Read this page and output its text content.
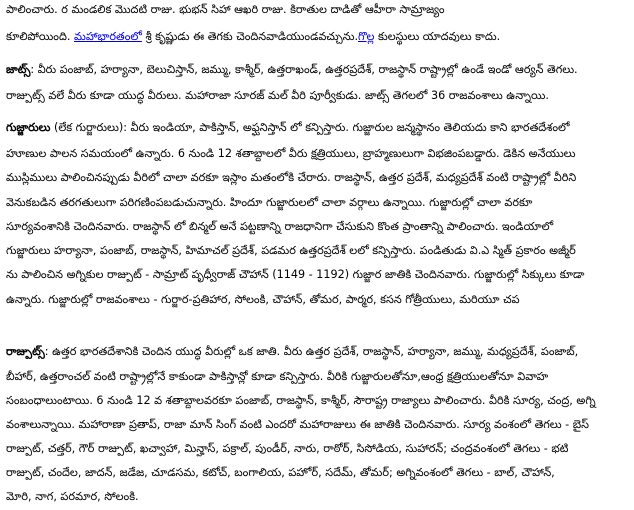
పాలించారు. ర మండలిక మొదటి రాజు. భుభన్ సిహా ఆఖరి రాజు. కిరాతుల దాడితో ఆహీరా సామ్రాజ్యం
కూలిపోయింది. మహాభారతంలో శ్రీ కృష్ణుడు ఈ తెగకు చెందినవాడియుండవచ్చును.గొల్ల కులస్థులు యాదవులు కాదు.
జాట్స్: వీరు పంజాబ్, హర్యానా, బెలుచిస్తాన్, జమ్ము, కాశ్మీర్, ఉత్తరాఖండ్, ఉత్తరప్రదేశ్, రాజస్థాన్ రాష్ట్రాల్లో ఉండే ఇండో ఆర్యన్ తెగలు.
రాజ్పుట్స్ వలే వీరు కూడా యుద్ధ వీరులు. మహారాజా సూరజ్ మల్ వీరి పూర్వీకుడు. జాట్స్ తెగలలో 36 రాజవంశాలు ఉన్నాయి.
గుజ్జారులు (లేక గుర్జారులు): వీరు ఇండియా, పాకిస్తాన్, అఫ్ఘనిస్తాన్ లో కన్పిస్తారు. గుజ్జారుల జన్మస్థానం తెలియదు కాని భారతదేశంలో
హూణుల పాలన సమయంలో ఉన్నారు. 6 నుండి 12 శతాబ్దాలలో వీరు క్షత్రియులు, బ్రాహ్మణులుగా విభజింపబడ్డారు. డెకిన అనేయులు
ముస్లిములు పాలించినప్పుడు వీరిలో చాలా వరకూ ఇస్లాం మతంలోకి చేరారు. రాజస్థాన్, ఉత్తర ప్రదేశ్, మధ్యప్రదేశ్ వంటి రాష్ట్రాల్లో వీరిని
వెనుకబడిన తరగతులుగా పరిగణింపబడుచున్నారు. హిందూ గుజ్జారులలో చాలా వర్గాలు ఉన్నాయి. గుజ్జారుల్లో చాలా వరకూ
సూర్యవంశానికి చెందినవారు. రాజస్థాన్ లో బిన్మల్ అనే పట్టణాన్ని రాజధానిగా చేసుకుని కొంత ప్రాంతాన్ని పాలించారు. ఇండియాలో
గుజ్జారులు హర్యానా, పంజాబ్, రాజస్థాన్, హిమాచల్ ప్రదేశ్, పడమర ఉత్తరప్రదేశ్ లలో కన్పిస్తారు. పండితుడు వి.ఎ స్మిత్ ప్రకారం అజ్మీర్
ను పాలించిన అగ్నికుల రాజ్పుట్ - సామ్రాట్ పృధ్వీరాజ్ చౌహాన్ (1149 - 1192) గుజ్జార జాతికి చెందినవారు. గుజ్జారుల్లో సిక్కులు కూడా
ఉన్నారు. గుజ్జారుల్లో రాజవంశాలు - గుర్జార-ప్రతిహార, సోలంకి, చౌహాన్, తోమర, పార్మర, కసన గోత్రీయులు, మరియూ చప
రాజ్పుట్స్: ఉత్తర భారతదేశానికి చెందిన యుద్ధ వీరుల్లో ఒక జాతి. వీరు ఉత్తర ప్రదేశ్, రాజస్థాన్, హర్యానా, జమ్ము, మధ్యప్రదేశ్, పంజాబ్,
బీహార్, ఉత్తరాంచల్ వంటి రాష్ట్రాల్లోనే కాకుండా పాకిస్తాన్లో కూడా కన్పిస్తారు. వీరికి గుజ్జారులతోనూ,ఆంధ్ర క్షత్రియులతోనూ వివాహ
సంబంధాలుంటాయి. 6 నుండి 12 వ శతాబ్దాలవరకూ పంజాబ్, రాజస్థాన్, కాశ్మీర్, సౌరాష్ట్ర రాజ్యాలు పాలించారు. వీరికి సూర్య, చంద్ర, అగ్ని
వంశాలున్నాయి. మహారాణా ప్రతాప్, రాజా మాన్ సింగ్ వంటి ఎందరో మహారాజులు ఈ జాతికి చెందినవారు. సూర్య వంశంలో తెగలు - బైస్
రాజ్పుట్, చత్తర్, గౌర్ రాజ్పుట్, ఖచ్వాహా, మిన్హాస్, పక్రాల్, పుండీర్, నారు, రాఠోర్, సిసోడియ, సుహారన్; చంద్రవంశంలో తెగలు - భటి
రాజ్పుట్, చందేల, జాదన్, జడేజ, చూడసమ, కటోచ్, బంగాలియ, పహోర్, సదేమ్, తోమర్; అగ్నివంశంలో తెగలు - బాల్, చౌహాన్,
మోరి, నాగ, పరమార, సోలంకి.
